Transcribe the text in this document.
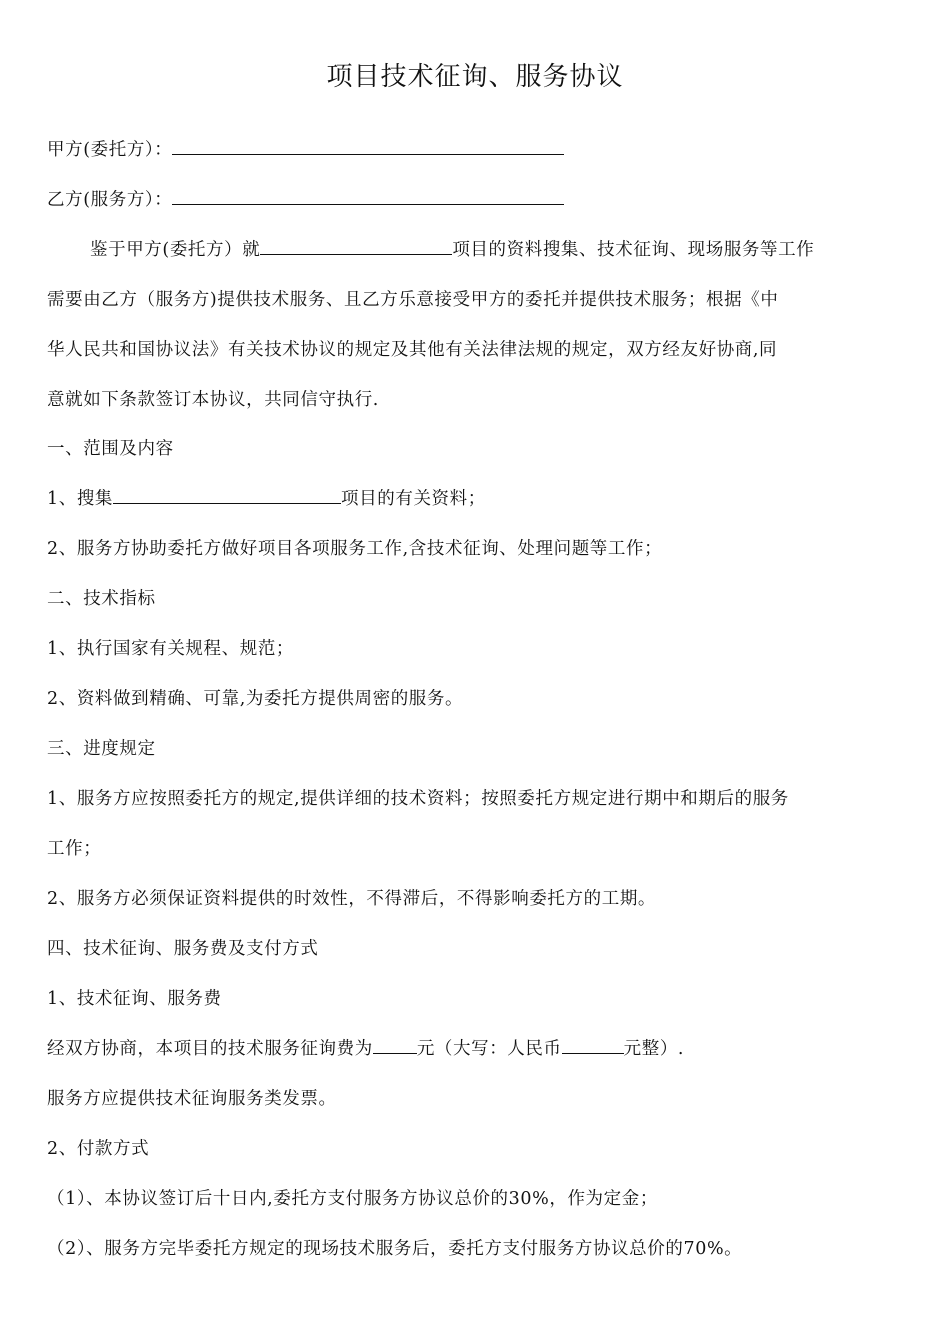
项目技术征询、服务协议
甲方(委托方）：
乙方(服务方）：
鉴于甲方(委托方）就	项目的资料搜集、技术征询、现场服务等工作
需要由乙方（服务方)提供技术服务、且乙方乐意接受甲方的委托并提供技术服务；根据《中
华人民共和国协议法》有关技术协议的规定及其他有关法律法规的规定，双方经友好协商,同
意就如下条款签订本协议，共同信守执行.
一、范围及内容
1、搜集	项目的有关资料；
2、服务方协助委托方做好项目各项服务工作,含技术征询、处理问题等工作；
二、技术指标
1、执行国家有关规程、规范；
2、资料做到精确、可靠,为委托方提供周密的服务。
三、进度规定
1、服务方应按照委托方的规定,提供详细的技术资料；按照委托方规定进行期中和期后的服务
工作；
2、服务方必须保证资料提供的时效性，不得滞后，不得影响委托方的工期。
四、技术征询、服务费及支付方式
1、技术征询、服务费
经双方协商，本项目的技术服务征询费为	元（大写：人民币	元整）.
服务方应提供技术征询服务类发票。
2、付款方式
（1）、本协议签订后十日内,委托方支付服务方协议总价的30%，作为定金；
（2）、服务方完毕委托方规定的现场技术服务后，委托方支付服务方协议总价的70%。
